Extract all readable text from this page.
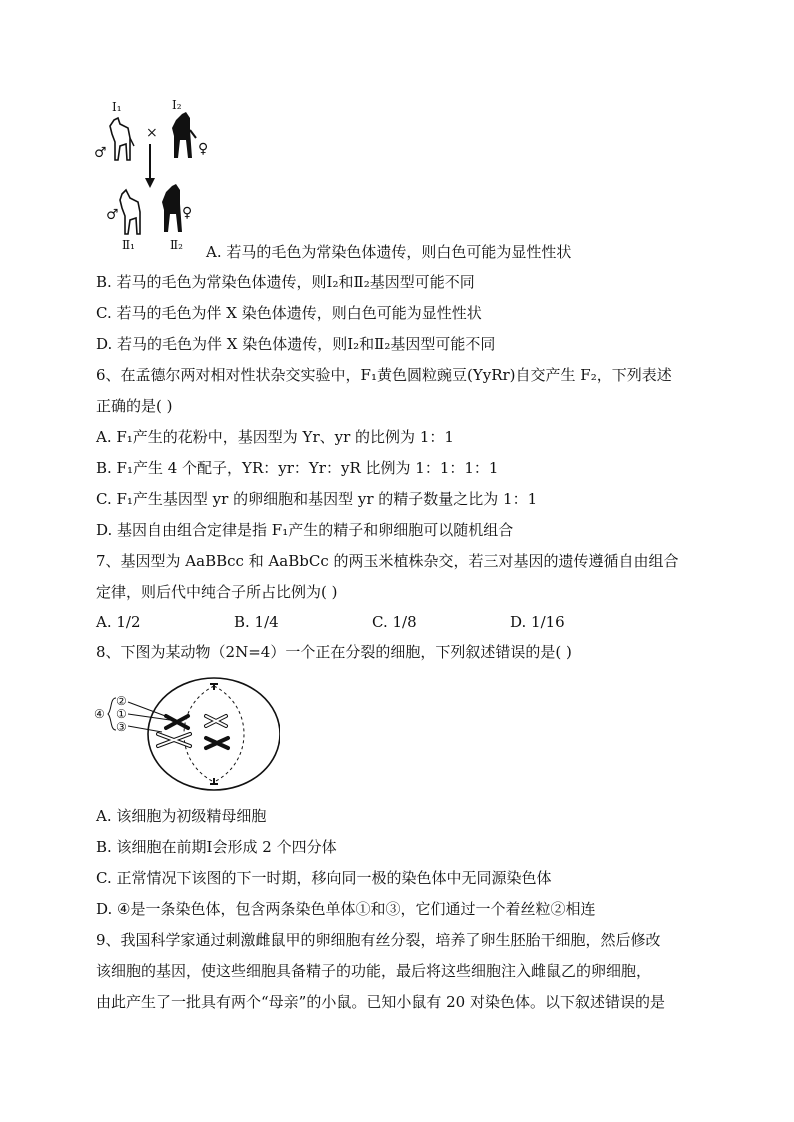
Ⅰ₁	Ⅰ₂
×
♂	♀
♂	♀
Ⅱ₁	Ⅱ₂ A. 若马的毛色为常染色体遗传，则白色可能为显性性状
B. 若马的毛色为常染色体遗传，则Ⅰ₂和Ⅱ₂基因型可能不同
C. 若马的毛色为伴 X 染色体遗传，则白色可能为显性性状
D. 若马的毛色为伴 X 染色体遗传，则Ⅰ₂和Ⅱ₂基因型可能不同
6、在孟德尔两对相对性状杂交实验中，F₁黄色圆粒豌豆(YyRr)自交产生 F₂，下列表述
正确的是( )
A. F₁产生的花粉中，基因型为 Yr、yr 的比例为 1：1
B. F₁产生 4 个配子，YR：yr：Yr：yR 比例为 1：1：1：1
C. F₁产生基因型 yr 的卵细胞和基因型 yr 的精子数量之比为 1：1
D. 基因自由组合定律是指 F₁产生的精子和卵细胞可以随机组合
7、基因型为 AaBBcc 和 AaBbCc 的两玉米植株杂交，若三对基因的遗传遵循自由组合
定律，则后代中纯合子所占比例为( )
A. 1/2	B. 1/4	C. 1/8	D. 1/16
8、下图为某动物（2N=4）一个正在分裂的细胞，下列叙述错误的是( )
②
①
③
④
A. 该细胞为初级精母细胞
B. 该细胞在前期Ⅰ会形成 2 个四分体
C. 正常情况下该图的下一时期，移向同一极的染色体中无同源染色体
D. ④是一条染色体，包含两条染色单体①和③，它们通过一个着丝粒②相连
9、我国科学家通过刺激雌鼠甲的卵细胞有丝分裂，培养了卵生胚胎干细胞，然后修改
该细胞的基因，使这些细胞具备精子的功能，最后将这些细胞注入雌鼠乙的卵细胞，
由此产生了一批具有两个“母亲”的小鼠。已知小鼠有 20 对染色体。以下叙述错误的是
